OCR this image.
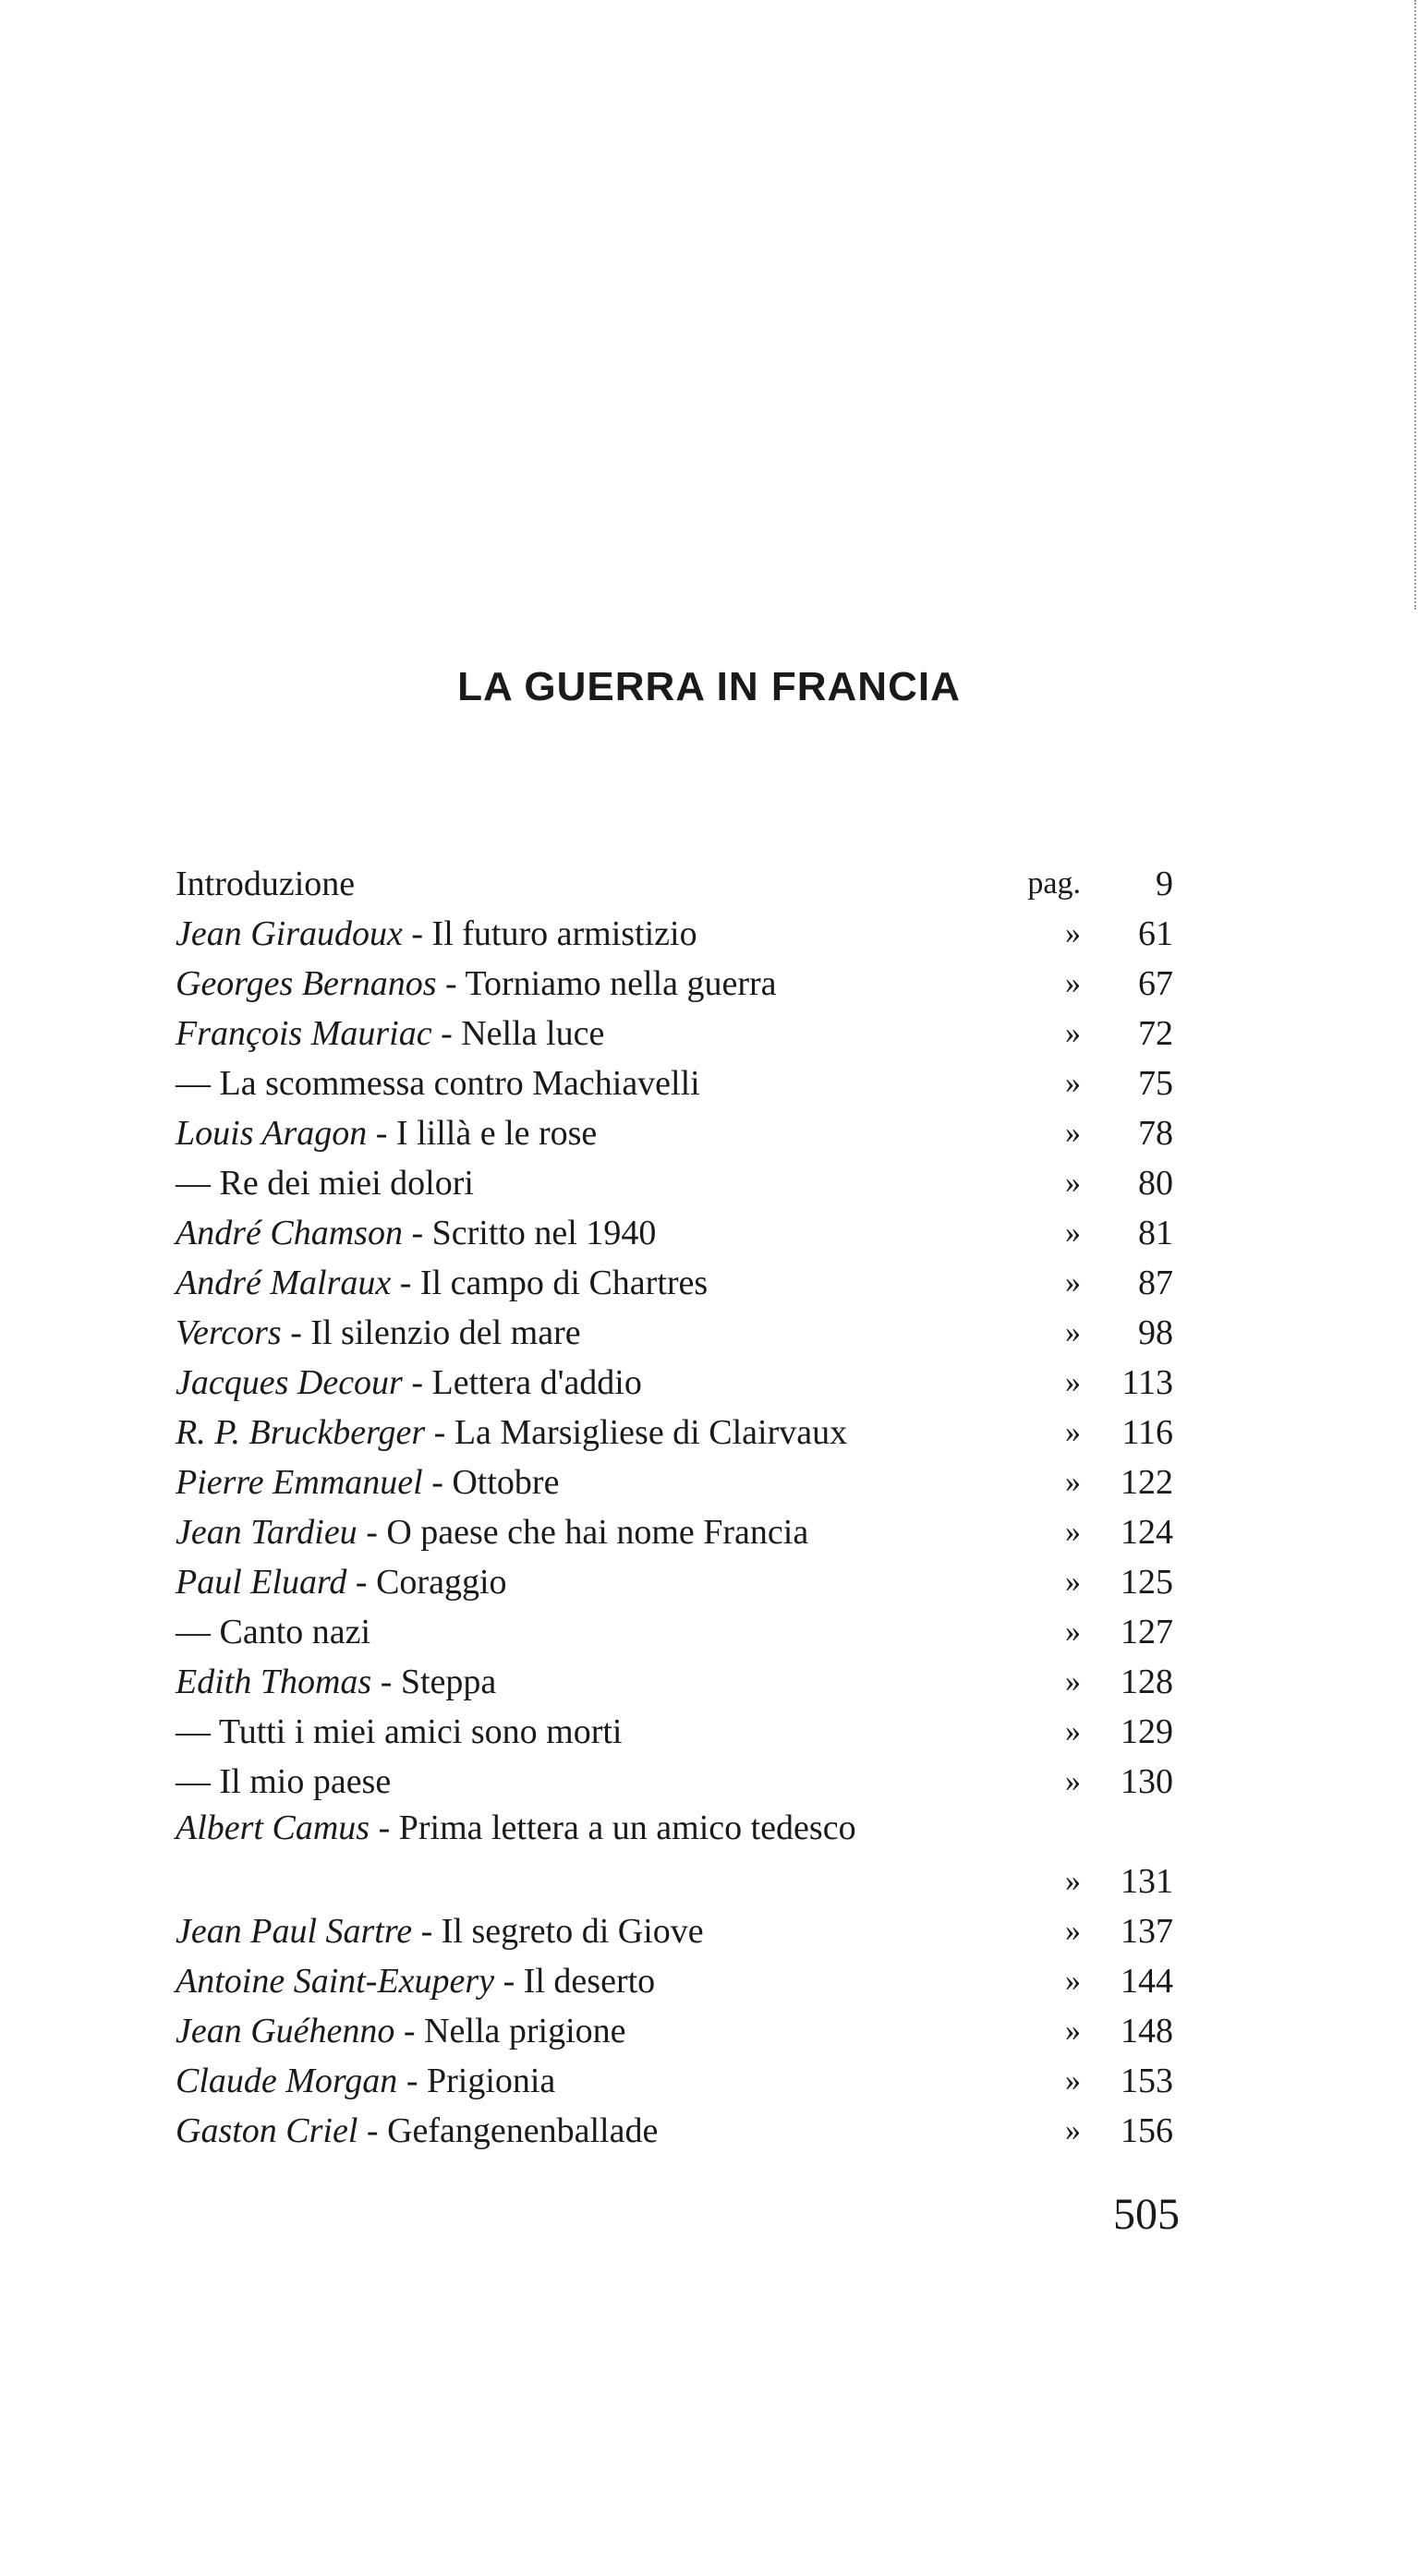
LA GUERRA IN FRANCIA
Introduzione	pag.	9
Jean Giraudoux - Il futuro armistizio	»	61
Georges Bernanos - Torniamo nella guerra	»	67
François Mauriac - Nella luce	»	72
— La scommessa contro Machiavelli	»	75
Louis Aragon - I lillà e le rose	»	78
— Re dei miei dolori	»	80
André Chamson - Scritto nel 1940	»	81
André Malraux - Il campo di Chartres	»	87
Vercors - Il silenzio del mare	»	98
Jacques Decour - Lettera d'addio	»	113
R. P. Bruckberger - La Marsigliese di Clairvaux	»	116
Pierre Emmanuel - Ottobre	»	122
Jean Tardieu - O paese che hai nome Francia	»	124
Paul Eluard - Coraggio	»	125
— Canto nazi	»	127
Edith Thomas - Steppa	»	128
— Tutti i miei amici sono morti	»	129
— Il mio paese	»	130
Albert Camus - Prima lettera a un amico tedesco
»	131
Jean Paul Sartre - Il segreto di Giove	»	137
Antoine Saint-Exupery - Il deserto	»	144
Jean Guéhenno - Nella prigione	»	148
Claude Morgan - Prigionia	»	153
Gaston Criel - Gefangenenballade	»	156
505
